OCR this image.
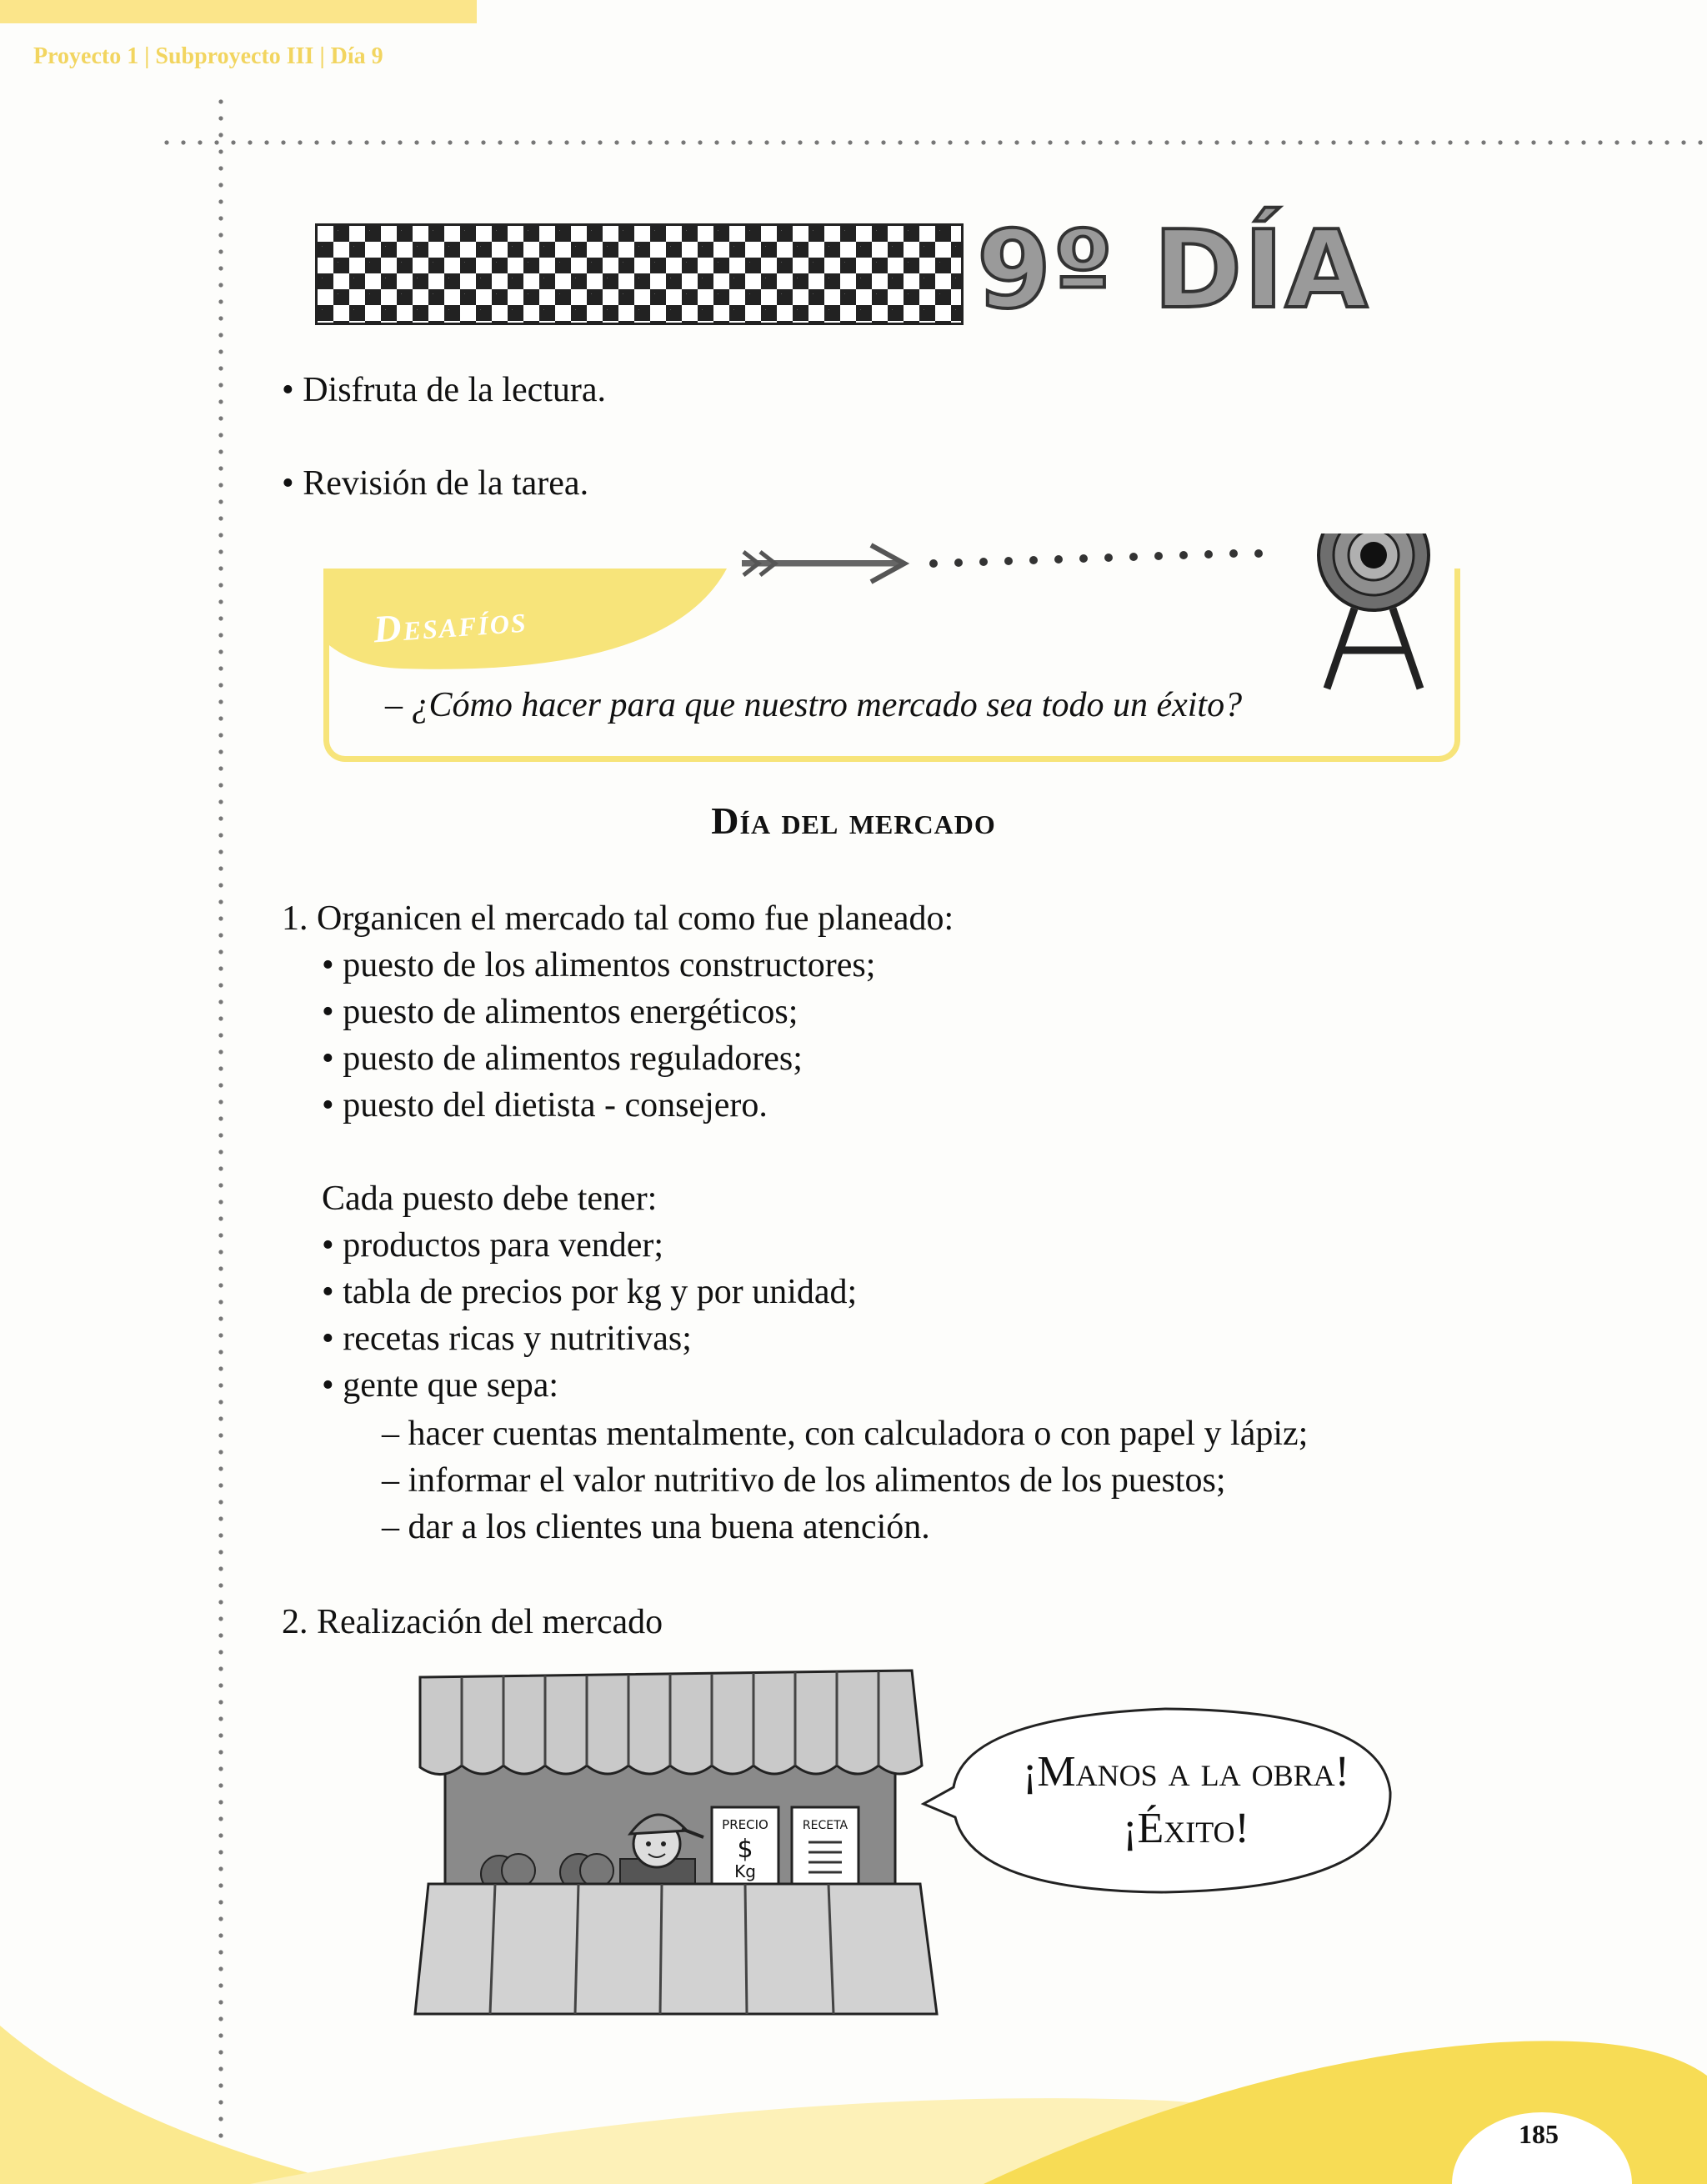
Proyecto 1 | Subproyecto III | Día 9
9º DÍA
• Disfruta de la lectura.
• Revisión de la tarea.
Desafíos
– ¿Cómo hacer para que nuestro mercado sea todo un éxito?
Día del mercado
1. Organicen el mercado tal como fue planeado:
• puesto de los alimentos constructores;
• puesto de alimentos energéticos;
• puesto de alimentos reguladores;
• puesto del dietista - consejero.
Cada puesto debe tener:
• productos para vender;
• tabla de precios por kg y por unidad;
• recetas ricas y nutritivas;
• gente que sepa:
– hacer cuentas mentalmente, con calculadora o con papel y lápiz;
– informar el valor nutritivo de los alimentos de los puestos;
– dar a los clientes una buena atención.
2. Realización del mercado
PRECIO
$
Kg
RECETA
¡Manos a la obra!
¡Éxito!
185
